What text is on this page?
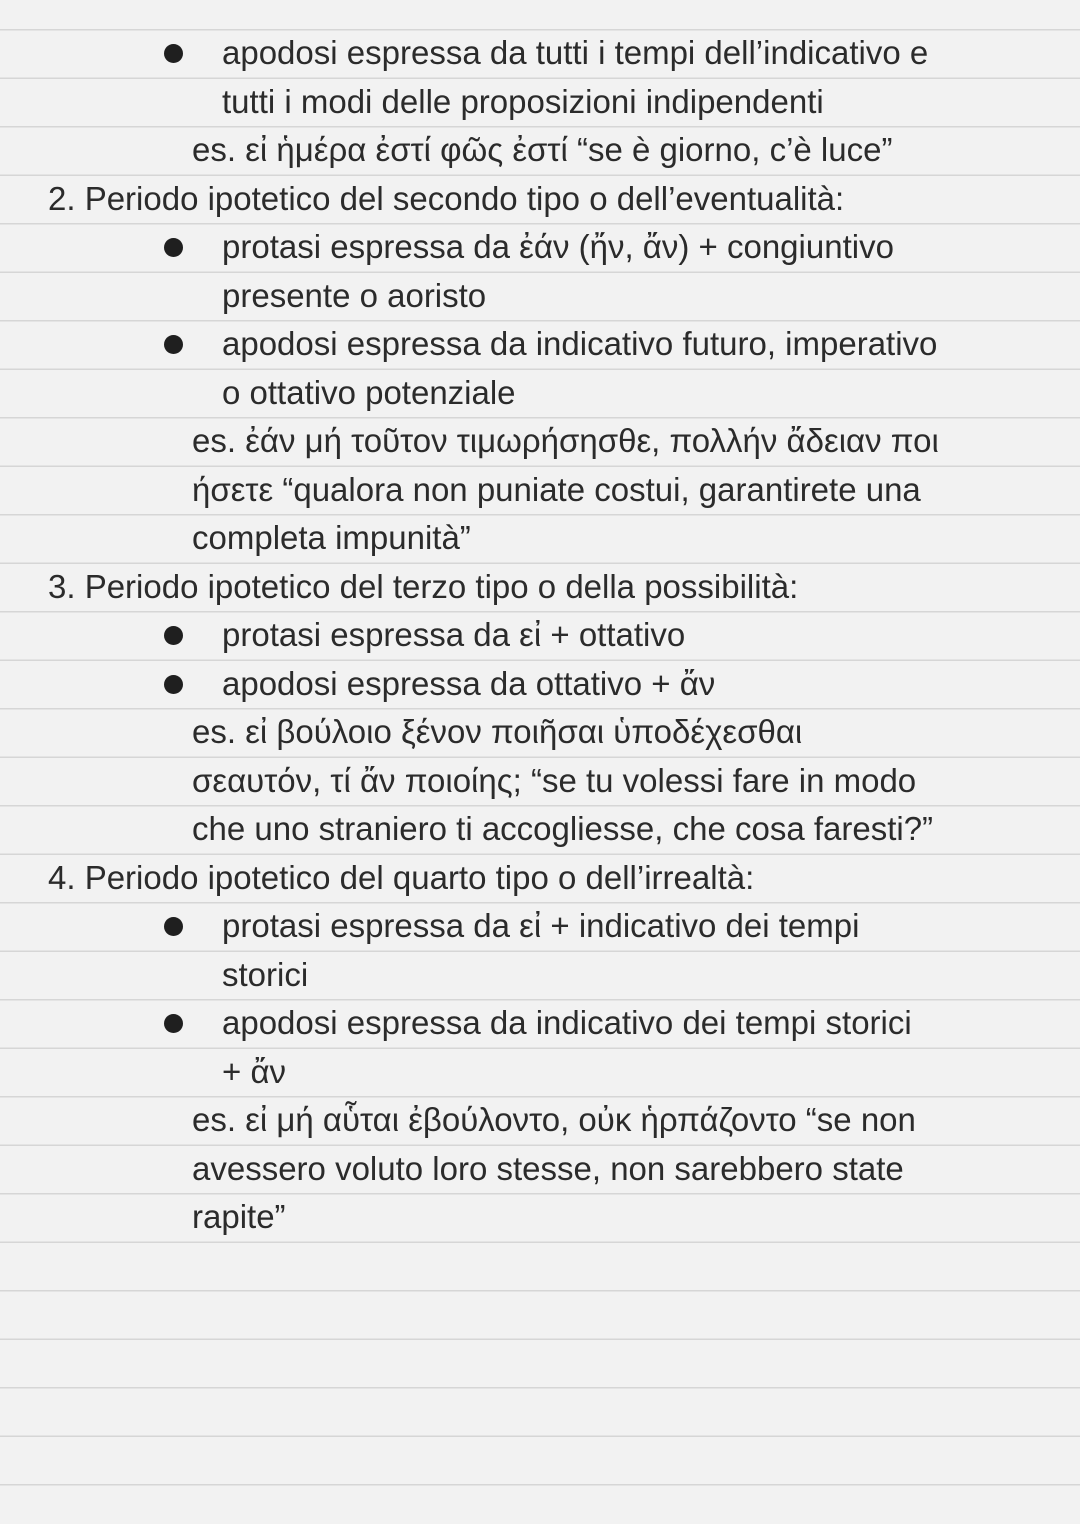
apodosi espressa da tutti i tempi dell’indicativo e
tutti i modi delle proposizioni indipendenti
es. εἰ ἡμέρα ἐστί φῶς ἐστί “se è giorno, c’è luce”
2. Periodo ipotetico del secondo tipo o dell’eventualità:
protasi espressa da ἐάν (ἤν, ἄν) + congiuntivo
presente o aoristo
apodosi espressa da indicativo futuro, imperativo
o ottativo potenziale
es. ἐάν μή τοῦτον τιμωρήσησθε, πολλήν ἄδειαν ποι
ήσετε “qualora non puniate costui, garantirete una
completa impunità”
3. Periodo ipotetico del terzo tipo o della possibilità:
protasi espressa da εἰ + ottativo
apodosi espressa da ottativo + ἄν
es. εἰ βούλοιο ξένον ποιῆσαι ὑποδέχεσθαι
σεαυτόν, τί ἄν ποιοίης; “se tu volessi fare in modo
che uno straniero ti accogliesse, che cosa faresti?”
4. Periodo ipotetico del quarto tipo o dell’irrealtà:
protasi espressa da εἰ + indicativo dei tempi
storici
apodosi espressa da indicativo dei tempi storici
+ ἄν
es. εἰ μή αὗται ἐβούλοντο, οὐκ ἡρπάζοντο “se non
avessero voluto loro stesse, non sarebbero state
rapite”
